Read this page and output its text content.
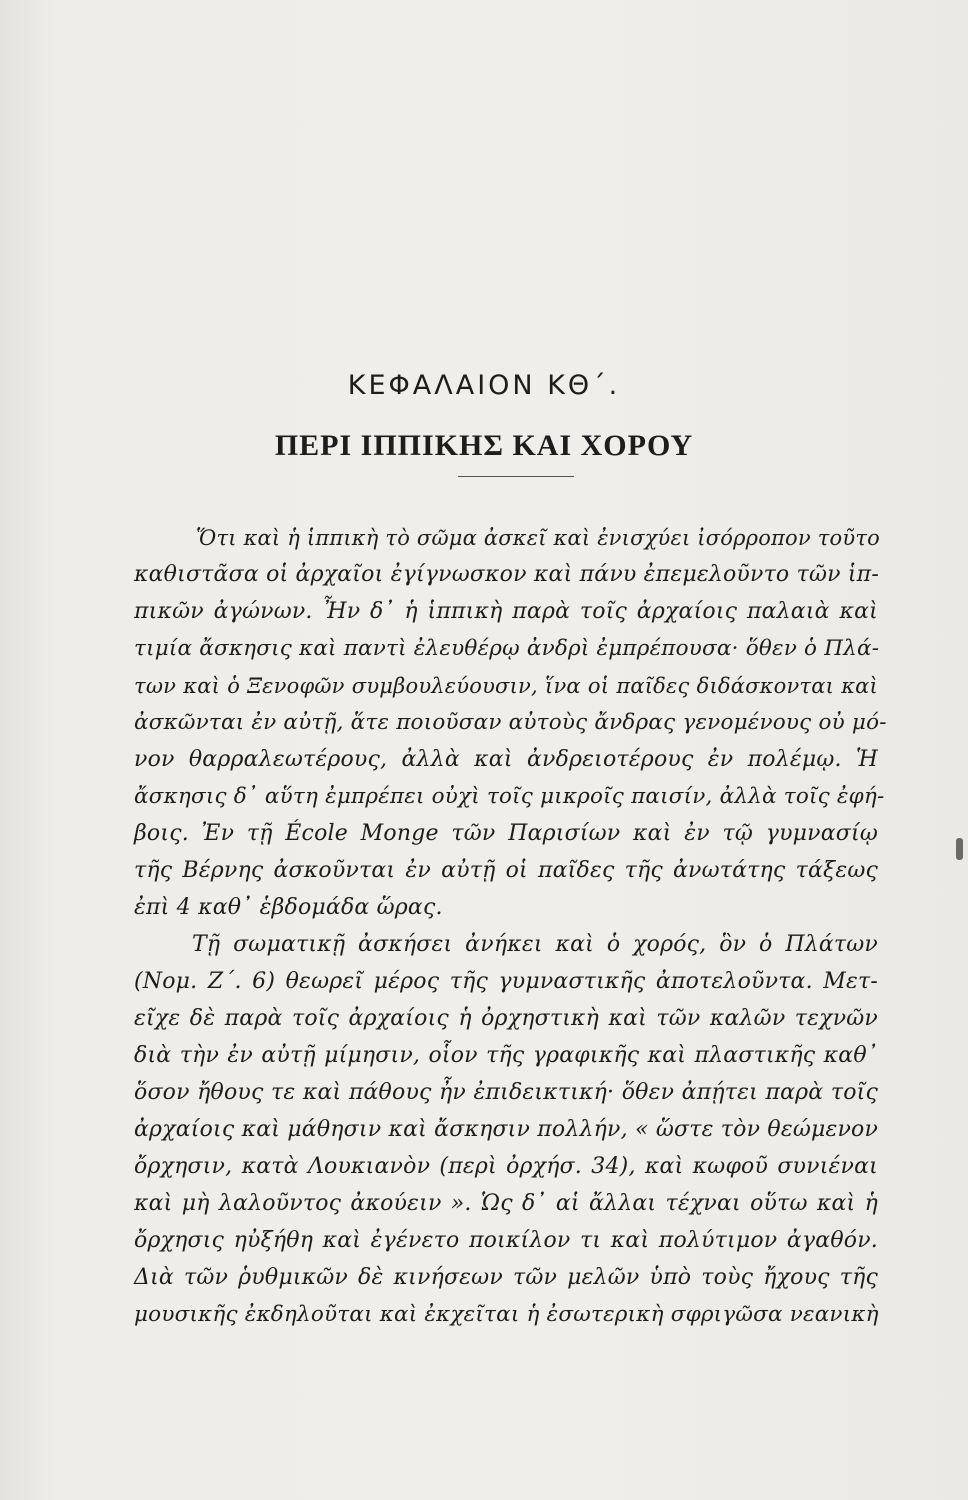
ΚΕΦΑΛΑΙΟΝ ΚΘ΄.
ΠΕΡΙ ΙΠΠΙΚΗΣ ΚΑΙ ΧΟΡΟΥ
Ὅτι καὶ ἡ ἱππικὴ τὸ σῶμα ἀσκεῖ καὶ ἐνισχύει ἰσόρροπον τοῦτο
καθιστᾶσα οἱ ἀρχαῖοι ἐγίγνωσκον καὶ πάνυ ἐπεμελοῦντο τῶν ἱπ-
πικῶν ἀγώνων. Ἦν δ᾽ ἡ ἱππικὴ παρὰ τοῖς ἀρχαίοις παλαιὰ καὶ
τιμία ἄσκησις καὶ παντὶ ἐλευθέρῳ ἀνδρὶ ἐμπρέπουσα· ὅθεν ὁ Πλά-
των καὶ ὁ Ξενοφῶν συμβουλεύουσιν, ἵνα οἱ παῖδες διδάσκονται καὶ
ἀσκῶνται ἐν αὐτῇ, ἅτε ποιοῦσαν αὐτοὺς ἄνδρας γενομένους οὐ μό-
νον θαρραλεωτέρους, ἀλλὰ καὶ ἀνδρειοτέρους ἐν πολέμῳ. Ἡ
ἄσκησις δ᾽ αὕτη ἐμπρέπει οὐχὶ τοῖς μικροῖς παισίν, ἀλλὰ τοῖς ἐφή-
βοις. Ἐν τῇ École Monge τῶν Παρισίων καὶ ἐν τῷ γυμνασίῳ
τῆς Βέρνης ἀσκοῦνται ἐν αὐτῇ οἱ παῖδες τῆς ἀνωτάτης τάξεως
ἐπὶ 4 καθ᾽ ἑβδομάδα ὥρας.
Τῇ σωματικῇ ἀσκήσει ἀνήκει καὶ ὁ χορός, ὃν ὁ Πλάτων
(Νομ. Ζ΄. 6) θεωρεῖ μέρος τῆς γυμναστικῆς ἀποτελοῦντα. Μετ-
εῖχε δὲ παρὰ τοῖς ἀρχαίοις ἡ ὀρχηστικὴ καὶ τῶν καλῶν τεχνῶν
διὰ τὴν ἐν αὐτῇ μίμησιν, οἷον τῆς γραφικῆς καὶ πλαστικῆς καθ᾽
ὅσον ἤθους τε καὶ πάθους ἦν ἐπιδεικτική· ὅθεν ἀπῄτει παρὰ τοῖς
ἀρχαίοις καὶ μάθησιν καὶ ἄσκησιν πολλήν, « ὥστε τὸν θεώμενον
ὄρχησιν, κατὰ Λουκιανὸν (περὶ ὀρχήσ. 34), καὶ κωφοῦ συνιέναι
καὶ μὴ λαλοῦντος ἀκούειν ». Ὡς δ᾽ αἱ ἄλλαι τέχναι οὕτω καὶ ἡ
ὄρχησις ηὐξήθη καὶ ἐγένετο ποικίλον τι καὶ πολύτιμον ἀγαθόν.
Διὰ τῶν ῥυθμικῶν δὲ κινήσεων τῶν μελῶν ὑπὸ τοὺς ἤχους τῆς
μουσικῆς ἐκδηλοῦται καὶ ἐκχεῖται ἡ ἐσωτερικὴ σφριγῶσα νεανικὴ
